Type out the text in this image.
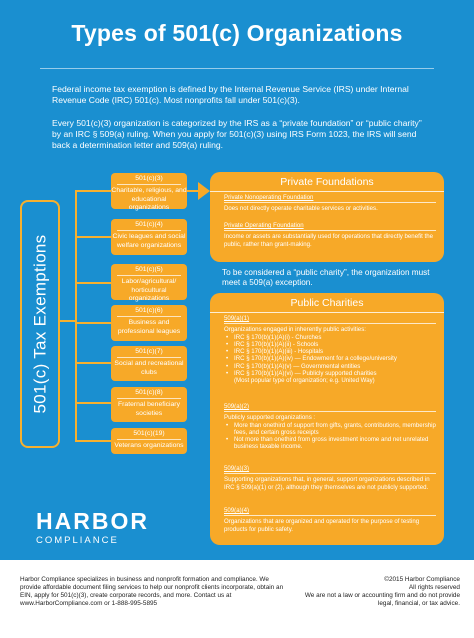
Types of 501(c) Organizations
Federal income tax exemption is defined by the Internal Revenue Service (IRS) under Internal Revenue Code (IRC) 501(c). Most nonprofits fall under 501(c)(3).
Every 501(c)(3) organization is categorized by the IRS as a “private foundation” or “public charity” by an IRC § 509(a) ruling. When you apply for 501(c)(3) using IRS Form 1023, the IRS will send back a determination letter and 509(a) ruling.
501(c) Tax Exemptions
501(c)(3)
Charitable, religious, and educational organizations
501(c)(4)
Civic leagues and social welfare organizations
501(c)(5)
Labor/agricultural/ horticultural organizations
501(c)(6)
Business and professional leagues
501(c)(7)
Social and recreational clubs
501(c)(8)
Fraternal beneficiary societies
501(c)(19)
Veterans organizations
Private Foundations
Private Nonoperating Foundation
Does not directly operate charitable services or activities.
Private Operating Foundation
Income or assets are substantially used for operations that directly benefit the public, rather than grant-making.
To be considered a “public charity”, the organization must meet a 509(a) exception.
Public Charities
509(a)(1)
Organizations engaged in inherently public activities:
• IRC § 170(b)(1)(A)(i) - Churches
• IRC § 170(b)(1)(A)(ii) - Schools
• IRC § 170(b)(1)(A)(iii) - Hospitals
• IRC § 170(b)(1)(A)(iv) — Endowment for a college/university
• IRC § 170(b)(1)(A)(v) — Governmental entities
• IRC § 170(b)(1)(A)(vi) — Publicly supported charities
(Most popular type of organization; e.g. United Way)
509(a)(2)
Publicly supported organizations :
• More than onethird of support from gifts, grants, contributions, membership fees, and certain gross receipts
• Not more than onethird from gross investment income and net unrelated business taxable income.
509(a)(3)
Supporting organizations that, in general, support organizations described in IRC § 509(a)(1) or (2), although they themselves are not publicly supported.
509(a)(4)
Organizations that are organized and operated for the purpose of testing products for public safety.
HARBOR
COMPLIANCE
Harbor Compliance specializes in business and nonprofit formation and compliance. We provide affordable document filing services to help our nonprofit clients incorporate, obtain an EIN, apply for 501(c)(3), create corporate records, and more. Contact us at www.HarborCompliance.com or 1-888-995-5895
©2015 Harbor Compliance
All rights reserved
We are not a law or accounting firm and do not provide legal, financial, or tax advice.
